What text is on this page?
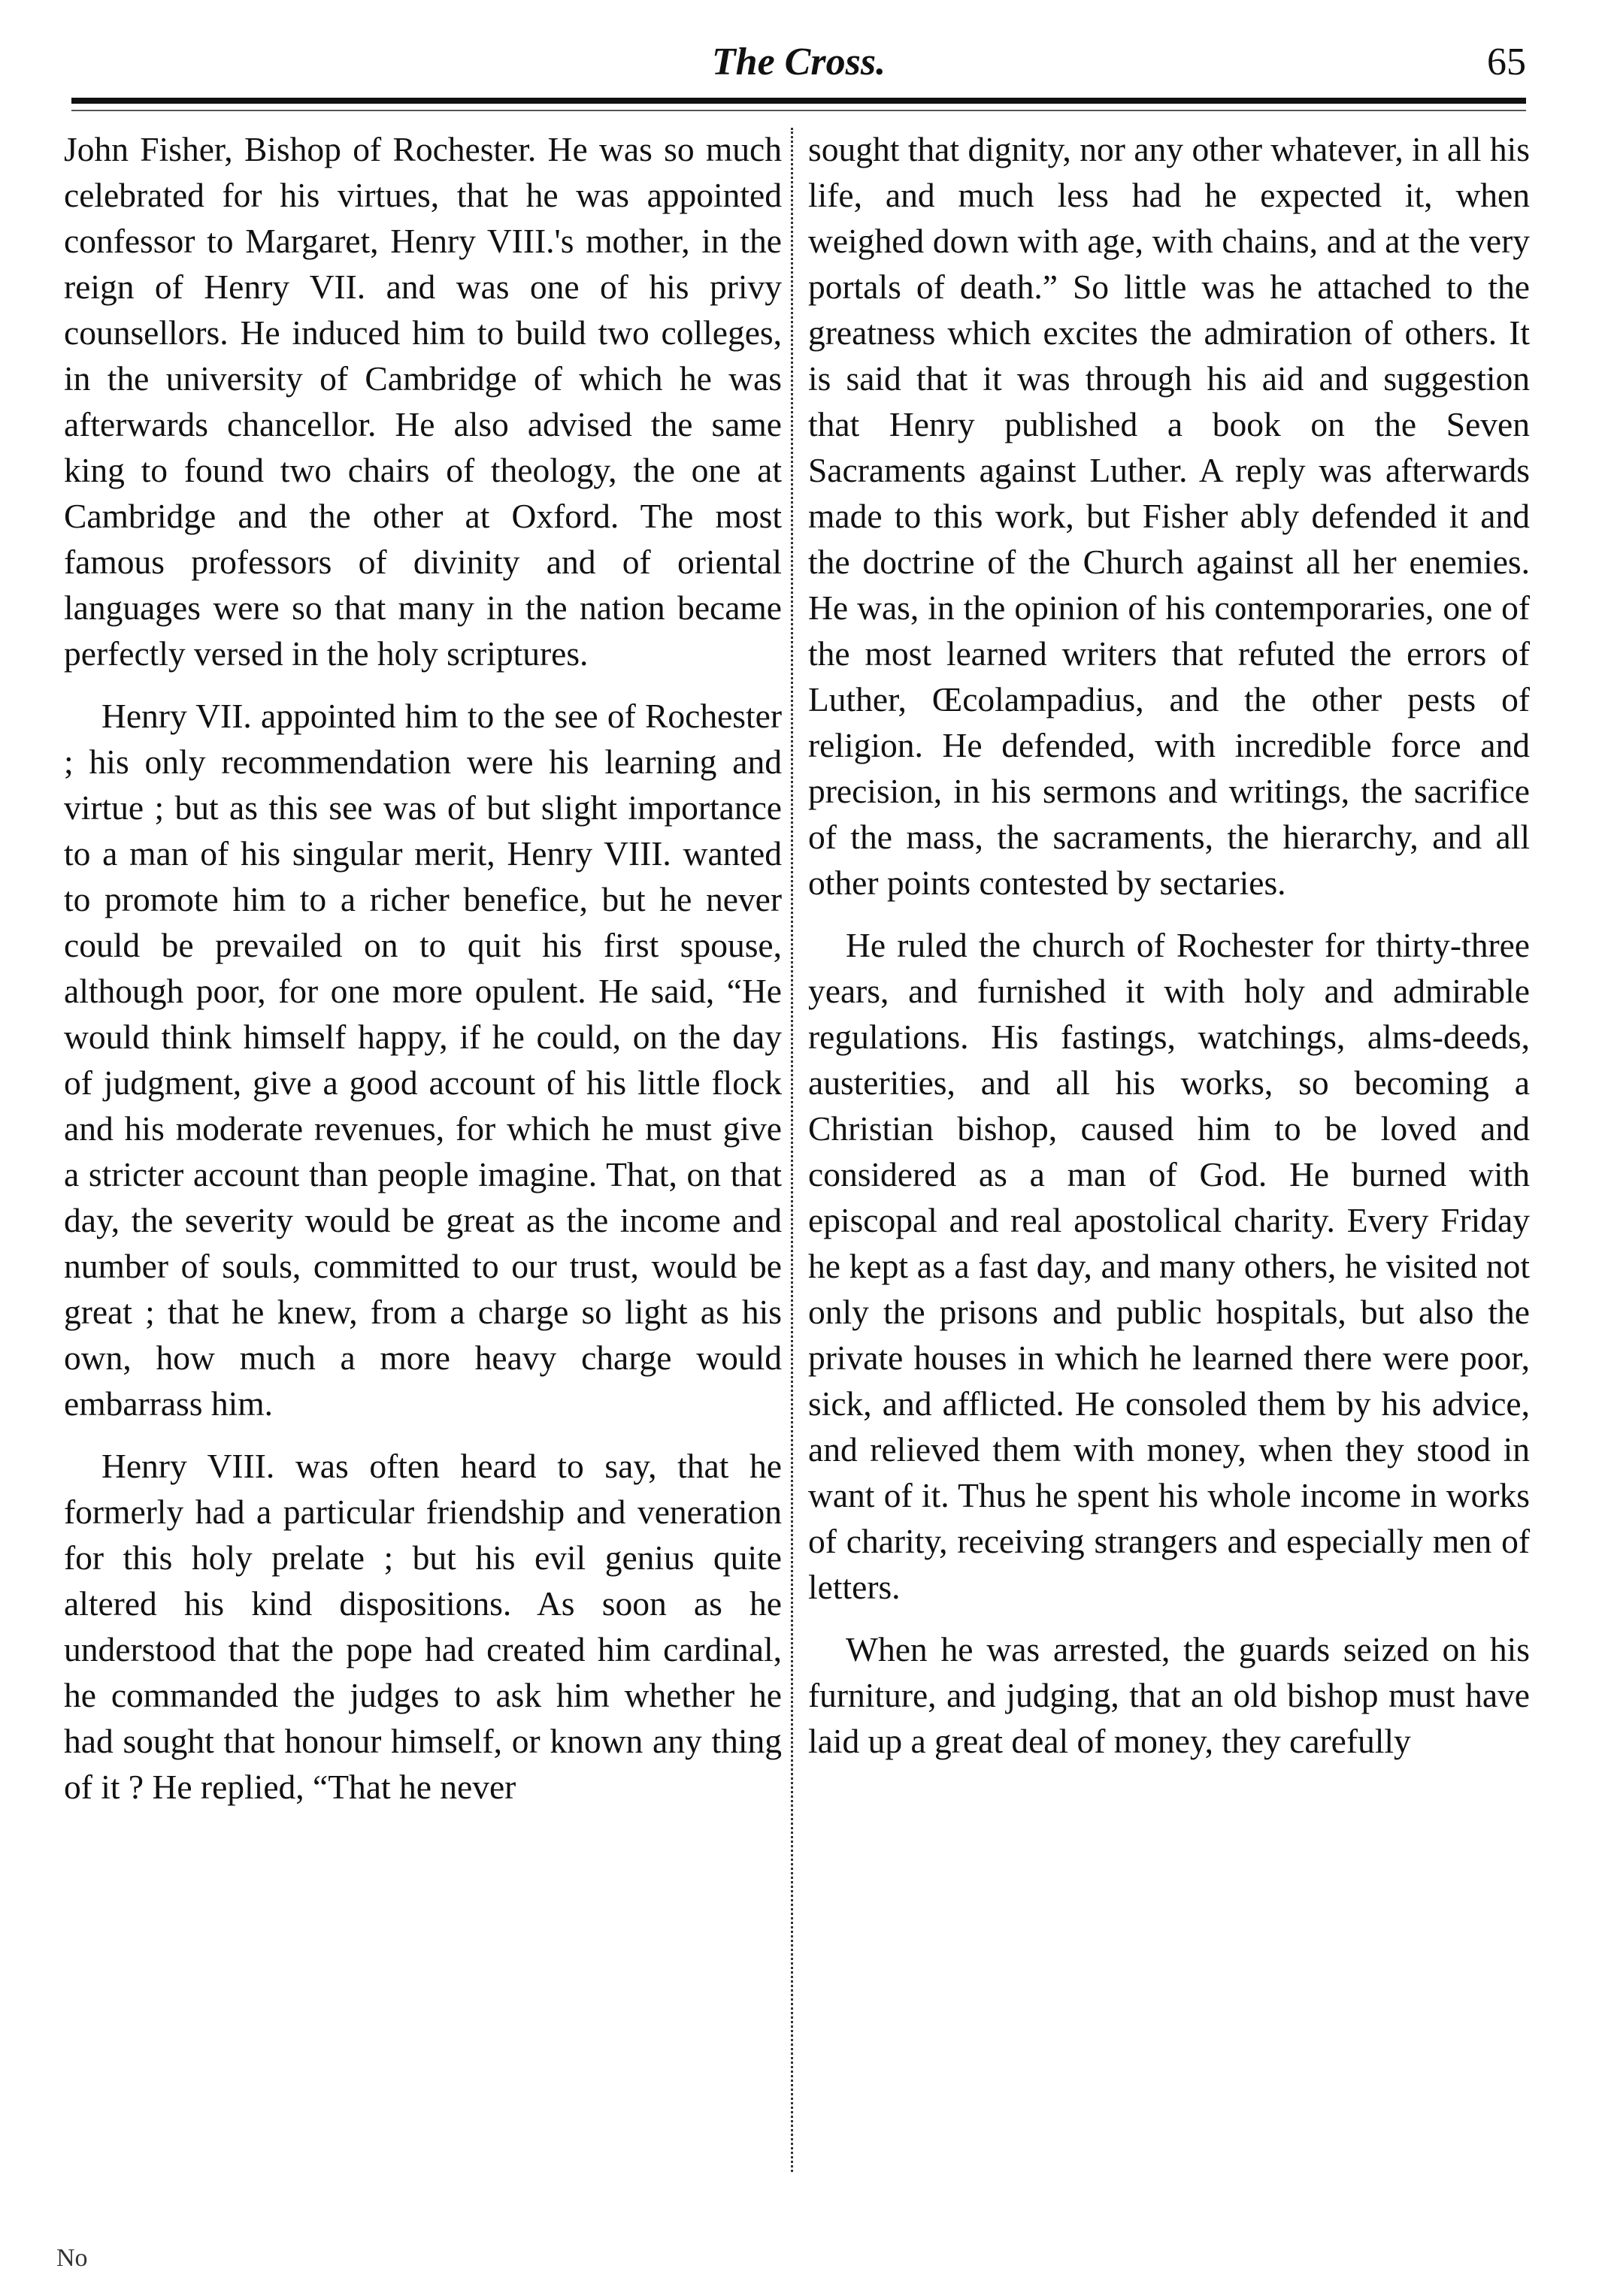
The Cross.	65

John Fisher, Bishop of Rochester. He was so much celebrated for his virtues, that he was appointed confessor to Margaret, Henry VIII.'s mother, in the reign of Henry VII. and was one of his privy counsellors. He induced him to build two colleges, in the university of Cambridge of which he was afterwards chancellor. He also advised the same king to found two chairs of theology, the one at Cambridge and the other at Oxford. The most famous professors of divinity and of oriental languages were so that many in the nation became perfectly versed in the holy scriptures.

Henry VII. appointed him to the see of Rochester ; his only recommendation were his learning and virtue ; but as this see was of but slight importance to a man of his singular merit, Henry VIII. wanted to promote him to a richer benefice, but he never could be prevailed on to quit his first spouse, although poor, for one more opulent. He said, “He would think himself happy, if he could, on the day of judgment, give a good account of his little flock and his moderate revenues, for which he must give a stricter account than people imagine. That, on that day, the severity would be great as the income and number of souls, committed to our trust, would be great ; that he knew, from a charge so light as his own, how much a more heavy charge would embarrass him.

Henry VIII. was often heard to say, that he formerly had a particular friendship and veneration for this holy prelate ; but his evil genius quite altered his kind dispositions. As soon as he understood that the pope had created him cardinal, he commanded the judges to ask him whether he had sought that honour himself, or known any thing of it ? He replied, “That he never

sought that dignity, nor any other whatever, in all his life, and much less had he expected it, when weighed down with age, with chains, and at the very portals of death.” So little was he attached to the greatness which excites the admiration of others. It is said that it was through his aid and suggestion that Henry published a book on the Seven Sacraments against Luther. A reply was afterwards made to this work, but Fisher ably defended it and the doctrine of the Church against all her enemies. He was, in the opinion of his contemporaries, one of the most learned writers that refuted the errors of Luther, Œcolampadius, and the other pests of religion. He defended, with incredible force and precision, in his sermons and writings, the sacrifice of the mass, the sacraments, the hierarchy, and all other points contested by sectaries.

He ruled the church of Rochester for thirty-three years, and furnished it with holy and admirable regulations. His fastings, watchings, alms-deeds, austerities, and all his works, so becoming a Christian bishop, caused him to be loved and considered as a man of God. He burned with episcopal and real apostolical charity. Every Friday he kept as a fast day, and many others, he visited not only the prisons and public hospitals, but also the private houses in which he learned there were poor, sick, and afflicted. He consoled them by his advice, and relieved them with money, when they stood in want of it. Thus he spent his whole income in works of charity, receiving strangers and especially men of letters.

When he was arrested, the guards seized on his furniture, and judging, that an old bishop must have laid up a great deal of money, they carefully

No
